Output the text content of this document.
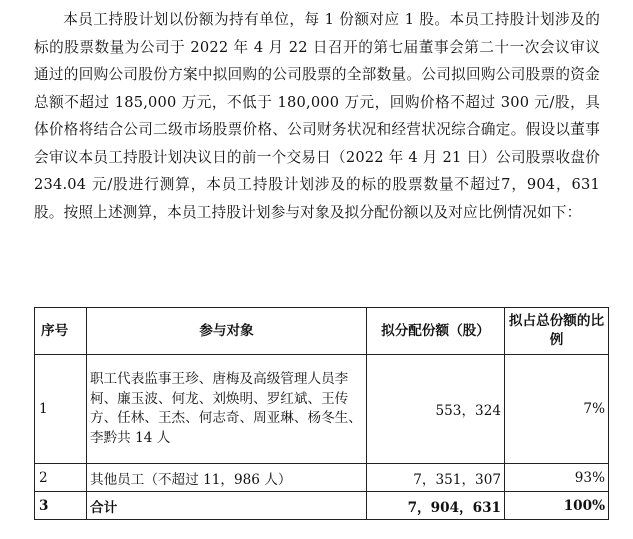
本员工持股计划以份额为持有单位，每 1 份额对应 1 股。本员工持股计划涉及的标的股票数量为公司于 2022 年 4 月 22 日召开的第七届董事会第二十一次会议审议通过的回购公司股份方案中拟回购的公司股票的全部数量。公司拟回购公司股票的资金总额不超过 185,000 万元，不低于 180,000 万元，回购价格不超过 300 元/股，具体价格将结合公司二级市场股票价格、公司财务状况和经营状况综合确定。假设以董事会审议本员工持股计划决议日的前一个交易日（2022 年 4 月 21 日）公司股票收盘价 234.04 元/股进行测算，本员工持股计划涉及的标的股票数量不超过7，904，631 股。按照上述测算，本员工持股计划参与对象及拟分配份额以及对应比例情况如下：

序号	参与对象	拟分配份额（股）	拟占总份额的比例
1	职工代表监事王珍、唐梅及高级管理人员李柯、廉玉波、何龙、刘焕明、罗红斌、王传方、任林、王杰、何志奇、周亚琳、杨冬生、李黔共 14 人	553，324	7%
2	其他员工（不超过 11，986 人）	7，351，307	93%
3	合计	7，904，631	100%
